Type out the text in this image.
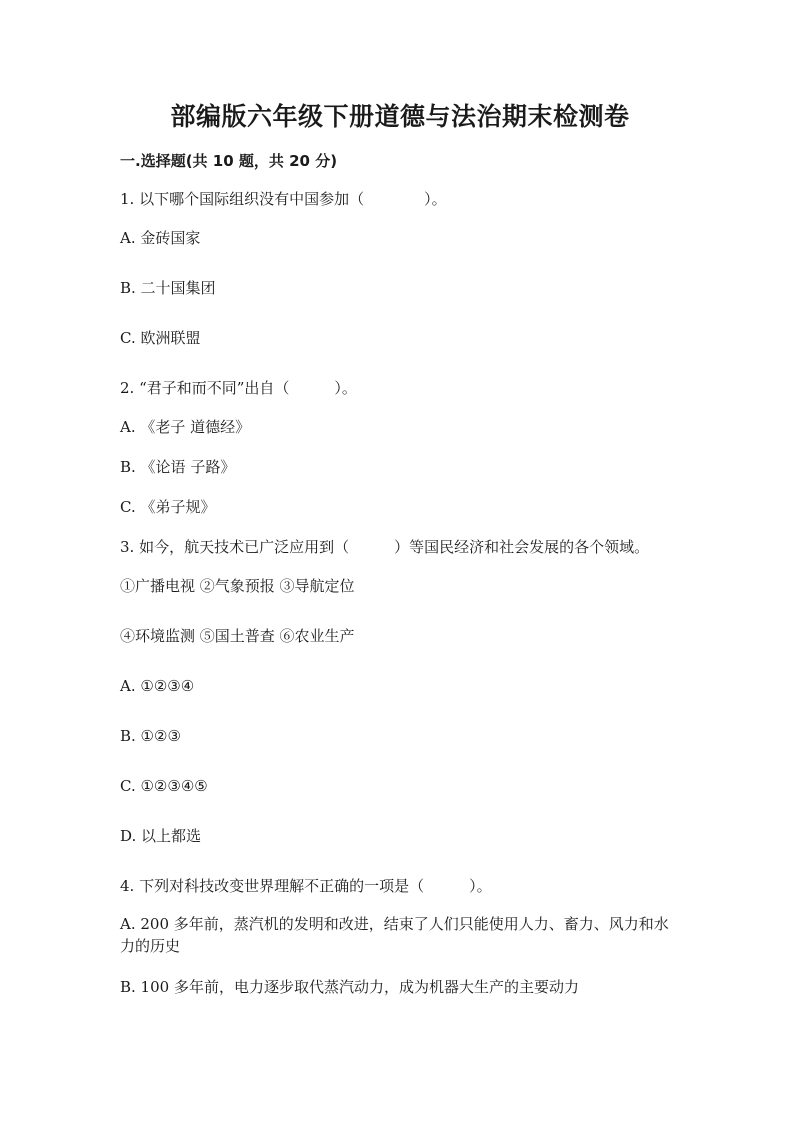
部编版六年级下册道德与法治期末检测卷
一.选择题(共 10 题，共 20 分)
1. 以下哪个国际组织没有中国参加（　　　　）。
A. 金砖国家
B. 二十国集团
C. 欧洲联盟
2. “君子和而不同”出自（　　　）。
A. 《老子 道德经》
B. 《论语 子路》
C. 《弟子规》
3. 如今，航天技术已广泛应用到（　　　）等国民经济和社会发展的各个领域。
①广播电视 ②气象预报 ③导航定位
④环境监测 ⑤国土普查 ⑥农业生产
A. ①②③④
B. ①②③
C. ①②③④⑤
D. 以上都选
4. 下列对科技改变世界理解不正确的一项是（　　　）。
A. 200 多年前，蒸汽机的发明和改进，结束了人们只能使用人力、畜力、风力和水力的历史
B. 100 多年前，电力逐步取代蒸汽动力，成为机器大生产的主要动力
